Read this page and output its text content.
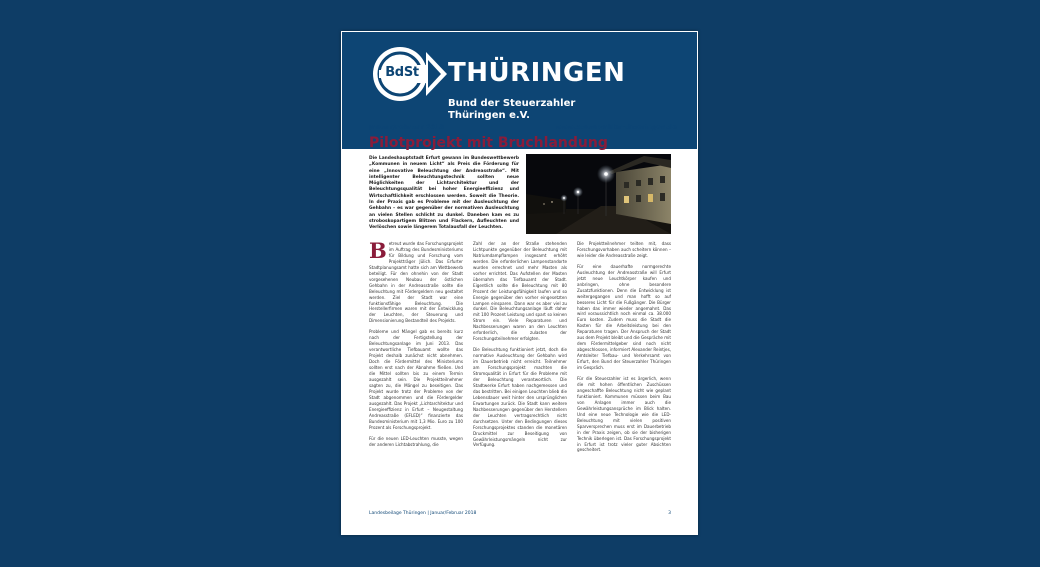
BdSt	THÜRINGEN
Bund der Steuerzahler
Thüringen e.V.
Januar/Februar 2018	www.steuerzahler-thueringen.de
Pilotprojekt mit Bruchlandung
Die Landeshauptstadt Erfurt gewann im Bundeswettbewerb „Kommunen in neuem Licht“ als Preis die Förderung für eine „Innovative Beleuchtung der Andreasstraße“. Mit intelligenter Beleuchtungstechnik sollten neue Möglichkeiten der Lichtarchitektur und der Beleuchtungsqualität bei hoher Energieeffizienz und Wirtschaftlichkeit erschlossen werden. Soweit die Theorie. In der Praxis gab es Probleme mit der Ausleuchtung der Gehbahn – es war gegenüber der normativen Ausleuchtung an vielen Stellen schlicht zu dunkel. Daneben kam es zu stroboskopartigem Blitzen und Flackern, Aufleuchten und Verlöschen sowie längerem Totalausfall der Leuchten.

Betreut wurde das Forschungsprojekt im Auftrag des Bundesministeriums für Bildung und Forschung vom Projektträger Jülich. Das Erfurter Stadtplanungsamt hatte sich am Wettbewerb beteiligt. Für den ohnehin von der Stadt vorgesehenen Neubau der östlichen Gehbahn in der Andreasstraße sollte die Beleuchtung mit Fördergeldern neu gestaltet werden. Ziel der Stadt war eine funktionsfähige Beleuchtung. Die Herstellerfirmen waren mit der Entwicklung der Leuchten, der Steuerung und Dimensionierung Bestandteil des Projekts.

Probleme und Mängel gab es bereits kurz nach der Fertigstellung der Beleuchtungsanlage im Juni 2013. Das verantwortliche Tiefbauamt wollte das Projekt deshalb zunächst nicht abnehmen. Doch die Fördermittel des Ministeriums sollten erst nach der Abnahme fließen. Und die Mittel sollten bis zu einem Termin ausgezahlt sein. Die Projektteilnehmer sagten zu, die Mängel zu beseitigen. Das Projekt wurde trotz der Probleme von der Stadt abgenommen und die Fördergelder ausgezahlt. Das Projekt „Lichtarchitektur und Energieeffizienz in Erfurt – Neugestaltung Andreasstraße (EFLED)“ finanzierte das Bundesministerium mit 1,3 Mio. Euro zu 100 Prozent als Forschungsprojekt.

Für die neuen LED-Leuchten musste, wegen der anderen Lichtabstrahlung, die

Zahl der an der Straße stehenden Lichtpunkte gegenüber der Beleuchtung mit Natriumdampflampen insgesamt erhöht werden. Die erforderlichen Lampenstandorte wurden errechnet und mehr Masten als vorher errichtet. Das Aufstellen der Masten übernahm das Tiefbauamt der Stadt. Eigentlich sollte die Beleuchtung mit 80 Prozent der Leistungsfähigkeit laufen und so Energie gegenüber den vorher eingesetzten Lampen einsparen. Dann war es aber viel zu dunkel. Die Beleuchtungsanlage läuft daher mit 100 Prozent Leistung und spart so keinen Strom ein. Viele Reparaturen und Nachbesserungen waren an den Leuchten erforderlich, die zulasten der Forschungsteilnehmer erfolgten.

Die Beleuchtung funktioniert jetzt, doch die normative Ausleuchtung der Gehbahn wird im Dauerbetrieb nicht erreicht. Teilnehmer am Forschungsprojekt machten die Stromqualität in Erfurt für die Probleme mit der Beleuchtung verantwortlich. Die Stadtwerke Erfurt haben nachgemessen und das bestritten. Bei einigen Leuchten blieb die Lebensdauer weit hinter den ursprünglichen Erwartungen zurück. Die Stadt kann weitere Nachbesserungen gegenüber den Herstellern der Leuchten vertragsrechtlich nicht durchsetzen. Unter den Bedingungen dieses Forschungsprojektes standen die monetären Druckmittel zur Beseitigung von Gewährleistungsmängeln nicht zur Verfügung.

Die Projektteilnehmer teilten mit, dass Forschungsvorhaben auch scheitern können – wie leider die Andreasstraße zeigt.

Für eine dauerhafte normgerechte Ausleuchtung der Andreasstraße will Erfurt jetzt neue Leuchtkörper kaufen und anbringen, ohne besondere Zusatzfunktionen. Denn die Entwicklung ist weitergegangen und man hofft so auf besseres Licht für die Fußgänger. Die Bürger haben das immer wieder angemahnt. Das wird voraussichtlich noch einmal ca. 38.000 Euro kosten. Zudem muss die Stadt die Kosten für die Arbeitsleistung bei den Reparaturen tragen. Der Anspruch der Stadt aus dem Projekt bleibt und die Gespräche mit dem Fördermittelgeber sind noch nicht abgeschlossen, informiert Alexander Reintjes, Amtsleiter Tiefbau- und Verkehrsamt von Erfurt, den Bund der Steuerzahler Thüringen im Gespräch.

Für die Steuerzahler ist es ärgerlich, wenn die mit hohen öffentlichen Zuschüssen angeschaffte Beleuchtung nicht wie geplant funktioniert. Kommunen müssen beim Bau von Anlagen immer auch die Gewährleistungsansprüche im Blick halten. Und eine neue Technologie wie die LED-Beleuchtung mit vielen positiven Sparversprechen muss erst im Dauerbetrieb in der Praxis zeigen, ob sie der bisherigen Technik überlegen ist. Das Forschungsprojekt in Erfurt ist trotz vieler guter Absichten gescheitert.

Landesbeilage Thüringen | Januar/Februar 2018	3
